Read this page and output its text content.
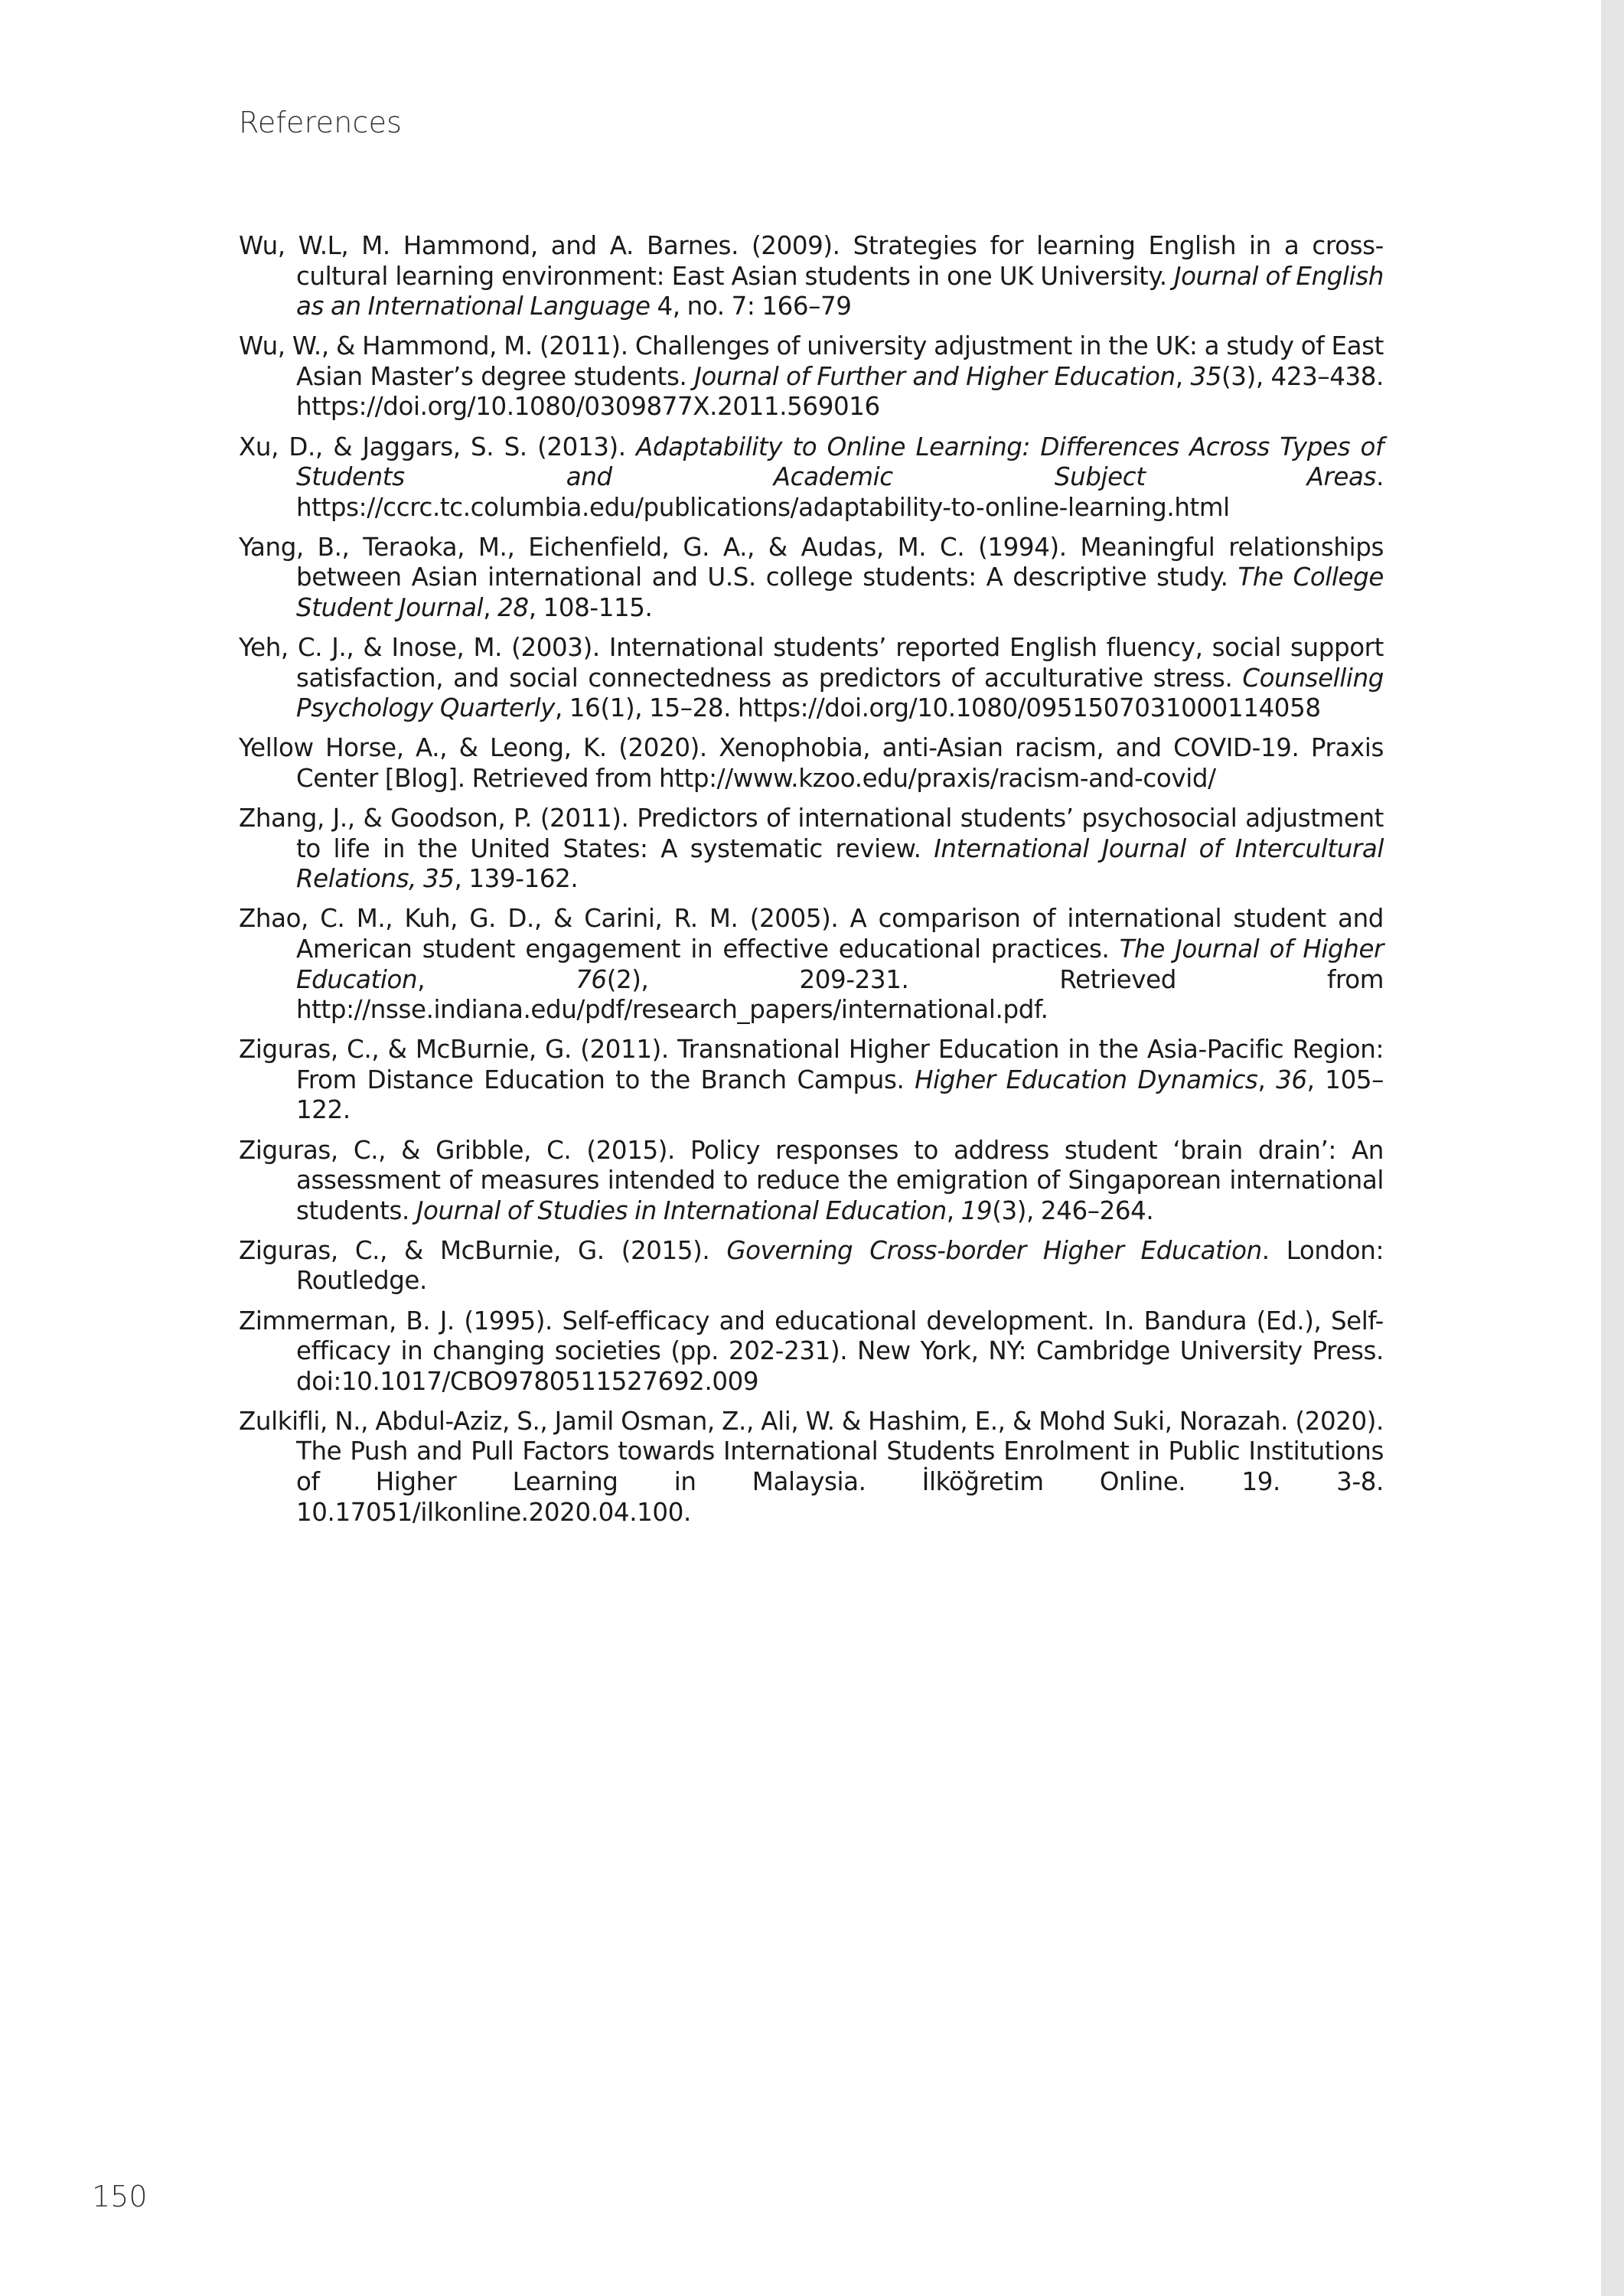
References

Wu, W.L, M. Hammond, and A. Barnes. (2009). Strategies for learning English in a cross-cultural learning environment: East Asian students in one UK University. Journal of English as an International Language 4, no. 7: 166–79

Wu, W., & Hammond, M. (2011). Challenges of university adjustment in the UK: a study of East Asian Master’s degree students. Journal of Further and Higher Education, 35(3), 423–438. https://doi.org/10.1080/0309877X.2011.569016

Xu, D., & Jaggars, S. S. (2013). Adaptability to Online Learning: Differences Across Types of Students and Academic Subject Areas. https://ccrc.tc.columbia.edu/publications/adaptability-to-online-learning.html

Yang, B., Teraoka, M., Eichenfield, G. A., & Audas, M. C. (1994). Meaningful relationships between Asian international and U.S. college students: A descriptive study. The College Student Journal, 28, 108-115.

Yeh, C. J., & Inose, M. (2003). International students’ reported English fluency, social support satisfaction, and social connectedness as predictors of acculturative stress. Counselling Psychology Quarterly, 16(1), 15–28. https://doi.org/10.1080/0951507031000114058

Yellow Horse, A., & Leong, K. (2020). Xenophobia, anti-Asian racism, and COVID-19. Praxis Center [Blog]. Retrieved from http://www.kzoo.edu/praxis/racism-and-covid/

Zhang, J., & Goodson, P. (2011). Predictors of international students’ psychosocial adjustment to life in the United States: A systematic review. International Journal of Intercultural Relations, 35, 139-162.

Zhao, C. M., Kuh, G. D., & Carini, R. M. (2005). A comparison of international student and American student engagement in effective educational practices. The Journal of Higher Education, 76(2), 209-231. Retrieved from http://nsse.indiana.edu/pdf/research_papers/international.pdf.

Ziguras, C., & McBurnie, G. (2011). Transnational Higher Education in the Asia-Pacific Region: From Distance Education to the Branch Campus. Higher Education Dynamics, 36, 105–122.

Ziguras, C., & Gribble, C. (2015). Policy responses to address student ‘brain drain’: An assessment of measures intended to reduce the emigration of Singaporean international students. Journal of Studies in International Education, 19(3), 246–264.

Ziguras, C., & McBurnie, G. (2015). Governing Cross-border Higher Education. London: Routledge.

Zimmerman, B. J. (1995). Self-efficacy and educational development. In. Bandura (Ed.), Self-efficacy in changing societies (pp. 202-231). New York, NY: Cambridge University Press. doi:10.1017/CBO9780511527692.009

Zulkifli, N., Abdul-Aziz, S., Jamil Osman, Z., Ali, W. & Hashim, E., & Mohd Suki, Norazah. (2020). The Push and Pull Factors towards International Students Enrolment in Public Institutions of Higher Learning in Malaysia. İlköğretim Online. 19. 3-8. 10.17051/ilkonline.2020.04.100.

150
